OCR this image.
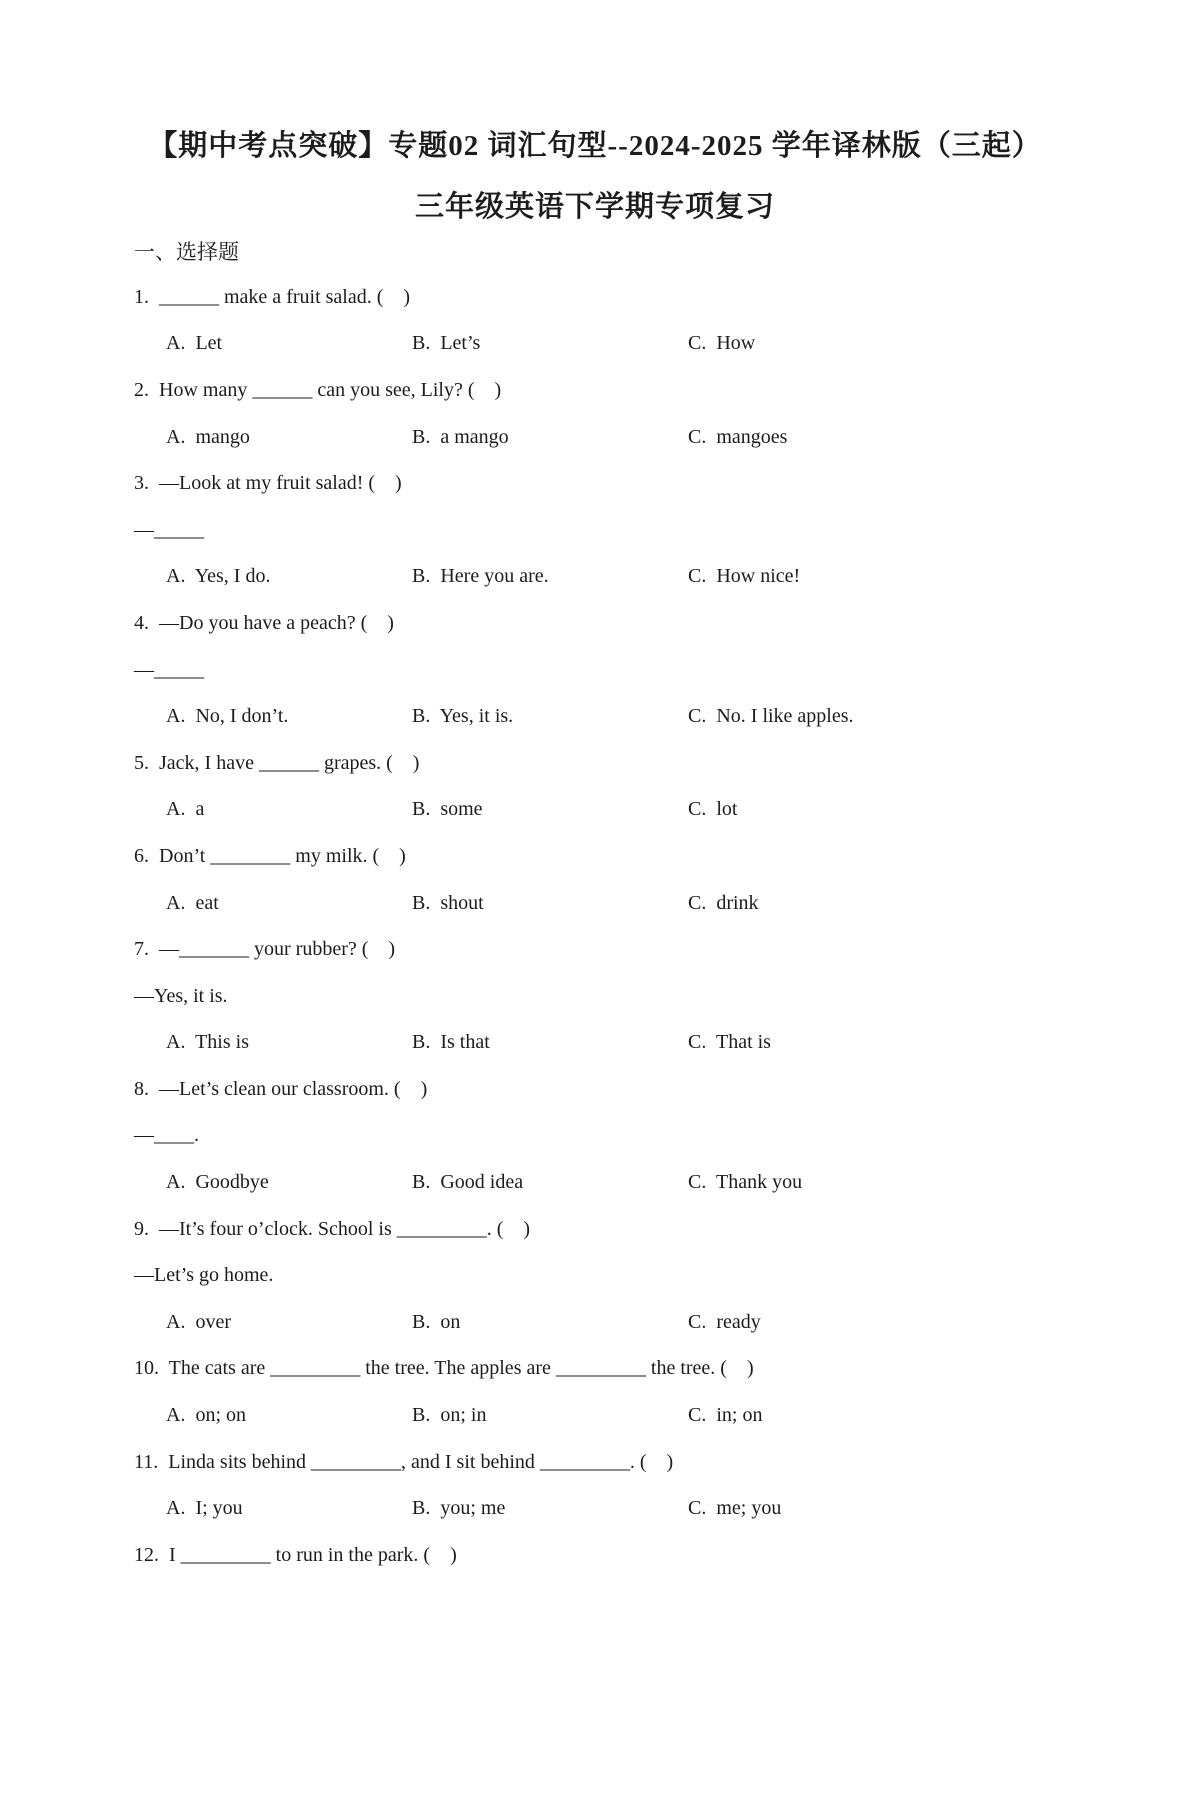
【期中考点突破】专题02 词汇句型--2024-2025 学年译林版（三起）
三年级英语下学期专项复习
一、选择题
1.  ______ make a fruit salad. (    )
A.  Let	B.  Let’s	C.  How
2.  How many ______ can you see, Lily? (    )
A.  mango	B.  a mango	C.  mangoes
3.  —Look at my fruit salad! (    )
—_____
A.  Yes, I do.	B.  Here you are.	C.  How nice!
4.  —Do you have a peach? (    )
—_____
A.  No, I don’t.	B.  Yes, it is.	C.  No. I like apples.
5.  Jack, I have ______ grapes. (    )
A.  a	B.  some	C.  lot
6.  Don’t ________ my milk. (    )
A.  eat	B.  shout	C.  drink
7.  —_______ your rubber? (    )
—Yes, it is.
A.  This is	B.  Is that	C.  That is
8.  —Let’s clean our classroom. (    )
—____.
A.  Goodbye	B.  Good idea	C.  Thank you
9.  —It’s four o’clock. School is _________. (    )
—Let’s go home.
A.  over	B.  on	C.  ready
10.  The cats are _________ the tree. The apples are _________ the tree. (    )
A.  on; on	B.  on; in	C.  in; on
11.  Linda sits behind _________, and I sit behind _________. (    )
A.  I; you	B.  you; me	C.  me; you
12.  I _________ to run in the park. (    )
